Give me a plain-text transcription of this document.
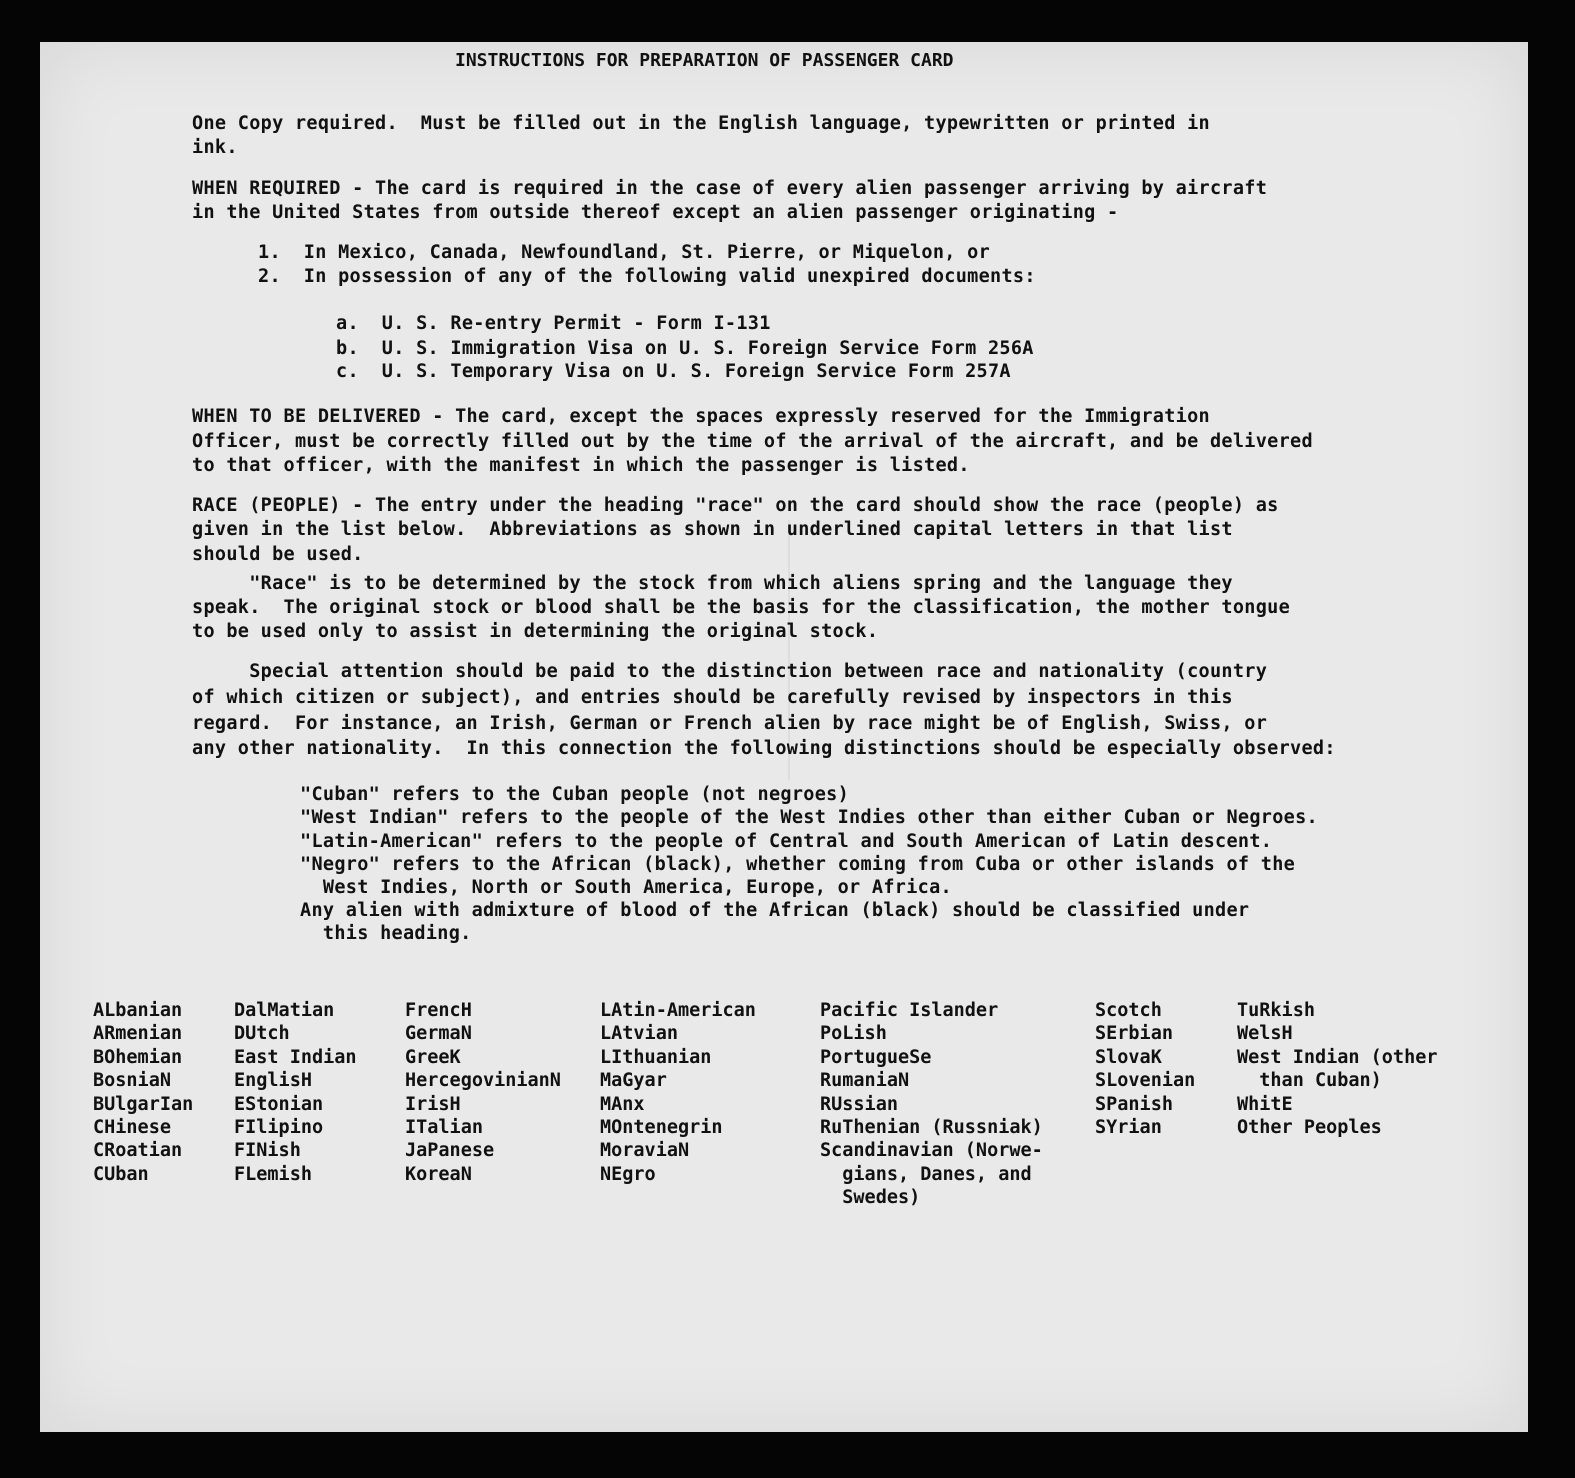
INSTRUCTIONS FOR PREPARATION OF PASSENGER CARD
One Copy required.  Must be filled out in the English language, typewritten or printed in
ink.
WHEN REQUIRED - The card is required in the case of every alien passenger arriving by aircraft
in the United States from outside thereof except an alien passenger originating -
1.  In Mexico, Canada, Newfoundland, St. Pierre, or Miquelon, or
2.  In possession of any of the following valid unexpired documents:
a.  U. S. Re-entry Permit - Form I-131
b.  U. S. Immigration Visa on U. S. Foreign Service Form 256A
c.  U. S. Temporary Visa on U. S. Foreign Service Form 257A
WHEN TO BE DELIVERED - The card, except the spaces expressly reserved for the Immigration
Officer, must be correctly filled out by the time of the arrival of the aircraft, and be delivered
to that officer, with the manifest in which the passenger is listed.
RACE (PEOPLE) - The entry under the heading "race" on the card should show the race (people) as
given in the list below.  Abbreviations as shown in underlined capital letters in that list
should be used.
"Race" is to be determined by the stock from which aliens spring and the language they
speak.  The original stock or blood shall be the basis for the classification, the mother tongue
to be used only to assist in determining the original stock.
Special attention should be paid to the distinction between race and nationality (country
of which citizen or subject), and entries should be carefully revised by inspectors in this
regard.  For instance, an Irish, German or French alien by race might be of English, Swiss, or
any other nationality.  In this connection the following distinctions should be especially observed:
"Cuban" refers to the Cuban people (not negroes)
"West Indian" refers to the people of the West Indies other than either Cuban or Negroes.
"Latin-American" refers to the people of Central and South American of Latin descent.
"Negro" refers to the African (black), whether coming from Cuba or other islands of the
West Indies, North or South America, Europe, or Africa.
Any alien with admixture of blood of the African (black) should be classified under
this heading.
ALbanian
ARmenian
BOhemian
BosniaN
BUlgarIan
CHinese
CRoatian
CUban
DalMatian
DUtch
East Indian
EnglisH
EStonian
FIlipino
FINish
FLemish
FrencH
GermaN
GreeK
HercegovinianN
IrisH
ITalian
JaPanese
KoreaN
LAtin-American
LAtvian
LIthuanian
MaGyar
MAnx
MOntenegrin
MoraviaN
NEgro
Pacific Islander
PoLish
PortugueSe
RumaniaN
RUssian
RuThenian (Russniak)
Scandinavian (Norwe-
gians, Danes, and
Swedes)
Scotch
SErbian
SlovaK
SLovenian
SPanish
SYrian
TuRkish
WelsH
West Indian (other
than Cuban)
WhitE
Other Peoples
